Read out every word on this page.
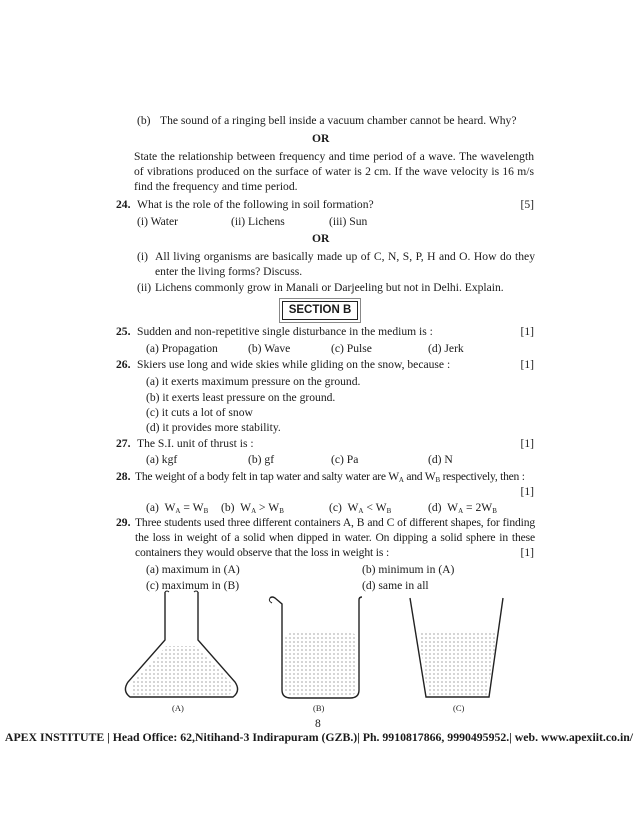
(b) The sound of a ringing bell inside a vacuum chamber cannot be heard. Why?
OR
State the relationship between frequency and time period of a wave. The wavelength of vibrations produced on the surface of water is 2 cm. If the wave velocity is 16 m/s find the frequency and time period.
24. What is the role of the following in soil formation?	[5]
(i) Water	(ii) Lichens	(iii) Sun
OR
(i) All living organisms are basically made up of C, N, S, P, H and O. How do they enter the living forms? Discuss.
(ii) Lichens commonly grow in Manali or Darjeeling but not in Delhi. Explain.
SECTION B
25. Sudden and non-repetitive single disturbance in the medium is :	[1]
(a) Propagation	(b) Wave	(c) Pulse	(d) Jerk
26. Skiers use long and wide skies while gliding on the snow, because :	[1]
(a) it exerts maximum pressure on the ground.
(b) it exerts least pressure on the ground.
(c) it cuts a lot of snow
(d) it provides more stability.
27. The S.I. unit of thrust is :	[1]
(a) kgf	(b) gf	(c) Pa	(d) N
28. The weight of a body felt in tap water and salty water are $W_A$ and $W_B$ respectively, then :
[1]
(a) $W_A = W_B$ (b) $W_A > W_B$	(c) $W_A < W_B$	(d) $W_A = 2W_B$
29. Three students used three different containers A, B and C of different shapes, for finding the loss in weight of a solid when dipped in water. On dipping a solid sphere in these containers they would observe that the loss in weight is :	[1]
(a) maximum in (A)	(b) minimum in (A)
(c) maximum in (B)	(d) same in all
(A)	(B)	(C)
8
APEX INSTITUTE | Head Office: 62,Nitihand-3 Indirapuram (GZB.)| Ph. 9910817866, 9990495952.| web. www.apexiit.co.in/
